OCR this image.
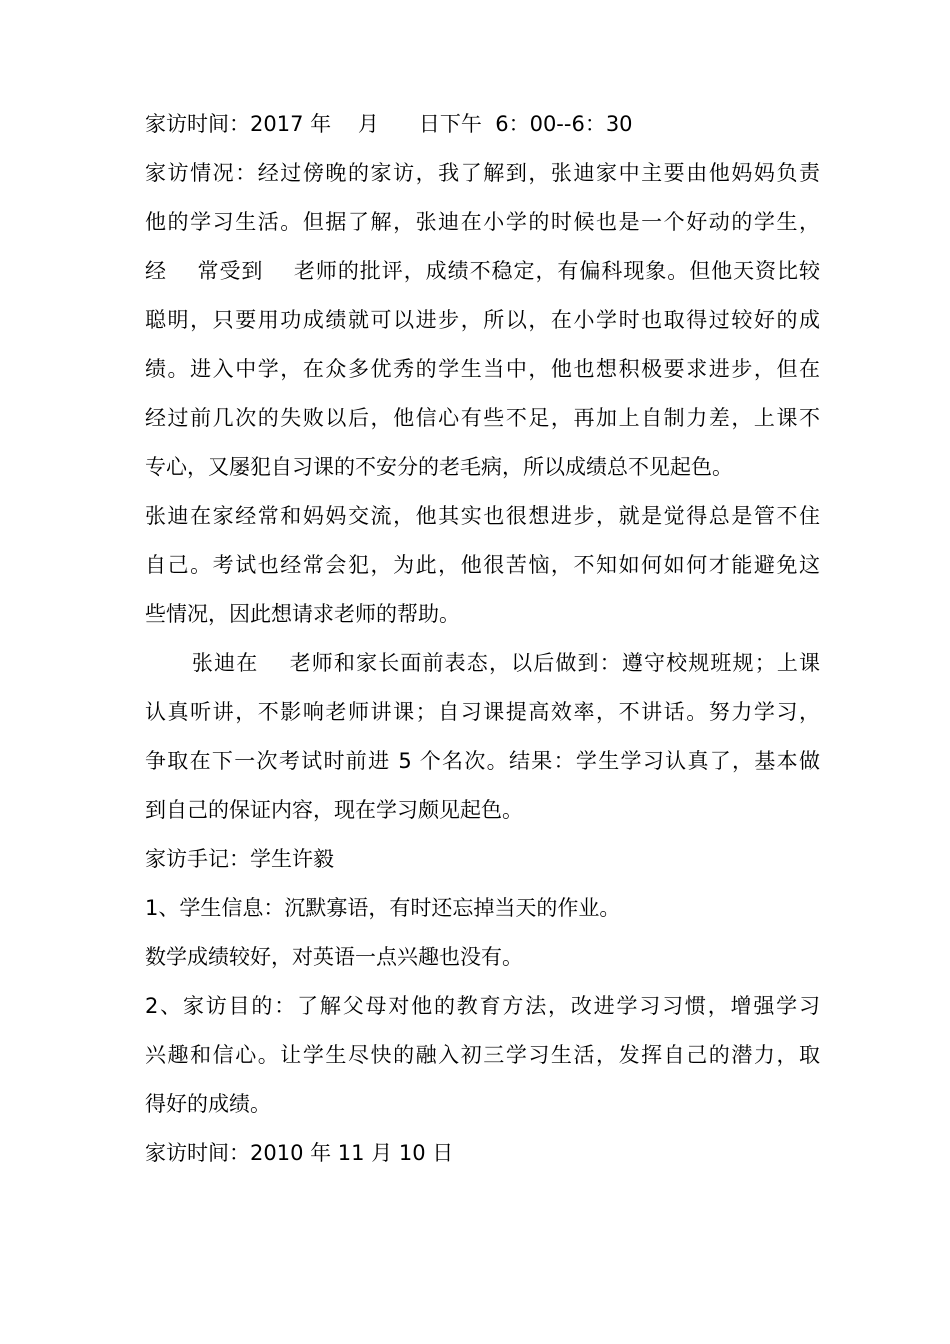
家访时间：2017 年    月      日下午  6：00--6：30
家访情况：经过傍晚的家访，我了解到，张迪家中主要由他妈妈负责
他的学习生活。但据了解，张迪在小学的时候也是一个好动的学生，
经    常受到    老师的批评，成绩不稳定，有偏科现象。但他天资比较
聪明，只要用功成绩就可以进步，所以，在小学时也取得过较好的成
绩。进入中学，在众多优秀的学生当中，他也想积极要求进步，但在
经过前几次的失败以后，他信心有些不足，再加上自制力差，上课不
专心，又屡犯自习课的不安分的老毛病，所以成绩总不见起色。
张迪在家经常和妈妈交流，他其实也很想进步，就是觉得总是管不住
自己。考试也经常会犯，为此，他很苦恼，不知如何如何才能避免这
些情况，因此想请求老师的帮助。
张迪在    老师和家长面前表态，以后做到：遵守校规班规；上课
认真听讲，不影响老师讲课；自习课提高效率，不讲话。努力学习，
争取在下一次考试时前进 5 个名次。结果：学生学习认真了，基本做
到自己的保证内容，现在学习颇见起色。
家访手记：学生许毅
1、学生信息：沉默寡语，有时还忘掉当天的作业。
数学成绩较好，对英语一点兴趣也没有。
2、家访目的：了解父母对他的教育方法，改进学习习惯，增强学习
兴趣和信心。让学生尽快的融入初三学习生活，发挥自己的潜力，取
得好的成绩。
家访时间：2010 年 11 月 10 日
